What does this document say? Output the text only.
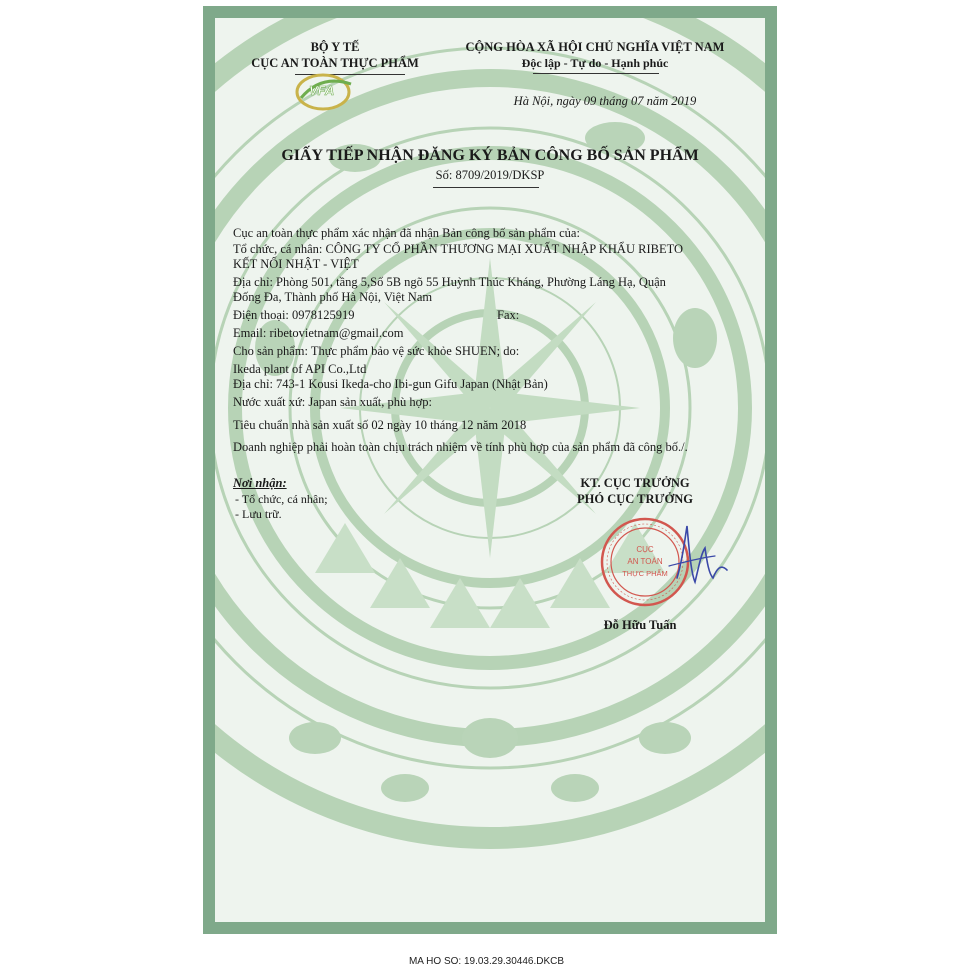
BỘ Y TẾ
CỤC AN TOÀN THỰC PHẨM
VFA
CỘNG HÒA XÃ HỘI CHỦ NGHĨA VIỆT NAM
Độc lập - Tự do - Hạnh phúc
Hà Nội, ngày 09 tháng 07 năm 2019
GIẤY TIẾP NHẬN ĐĂNG KÝ BẢN CÔNG BỐ SẢN PHẨM
Số: 8709/2019/DKSP
Cục an toàn thực phẩm xác nhận đã nhận Bản công bố sản phẩm của:
Tổ chức, cá nhân: CÔNG TY CỔ PHẦN THƯƠNG MẠI XUẤT NHẬP KHẨU RIBETO
KẾT NỐI NHẬT - VIỆT
Địa chỉ: Phòng 501, tầng 5,Số 5B ngõ 55 Huỳnh Thúc Kháng, Phường Láng Hạ, Quận
Đống Đa, Thành phố Hà Nội, Việt Nam
Điện thoại: 0978125919	Fax:
Email: ribetovietnam@gmail.com
Cho sản phẩm: Thực phẩm bảo vệ sức khỏe SHUEN; do:
Ikeda plant of API Co.,Ltd
Địa chỉ: 743-1 Kousi Ikeda-cho Ibi-gun Gifu Japan (Nhật Bản)
Nước xuất xứ: Japan sản xuất, phù hợp:
Tiêu chuẩn nhà sản xuất số 02 ngày 10 tháng 12 năm 2018
Doanh nghiệp phải hoàn toàn chịu trách nhiệm về tính phù hợp của sản phẩm đã công bố./.
Nơi nhận:
- Tổ chức, cá nhân;
- Lưu trữ.
KT. CỤC TRƯỞNG
PHÓ CỤC TRƯỞNG
CỤC
AN TOÀN
THỰC PHẨM
Đỗ Hữu Tuấn
MA HO SO: 19.03.29.30446.DKCB
